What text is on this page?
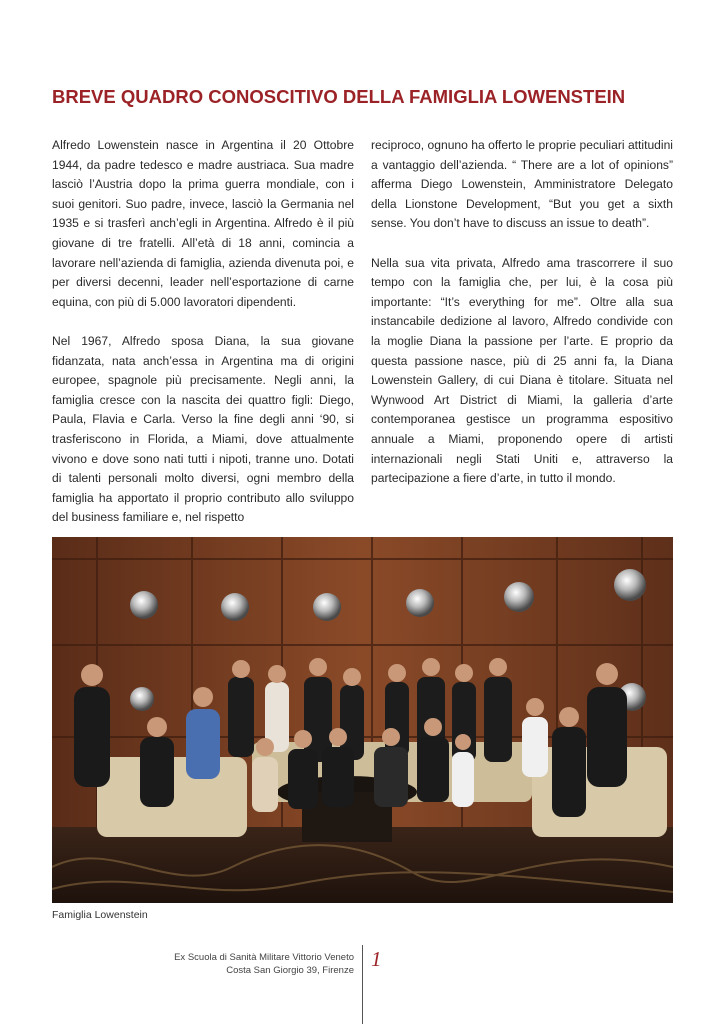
BREVE QUADRO CONOSCITIVO DELLA FAMIGLIA LOWENSTEIN

Alfredo Lowenstein nasce in Argentina il 20 Ottobre 1944, da padre tedesco e madre austriaca. Sua madre lasciò l’Austria dopo la prima guerra mondiale, con i suoi genitori. Suo padre, invece, lasciò la Germania nel 1935 e si trasferì anch’egli in Argentina. Alfredo è il più giovane di tre fratelli. All’età di 18 anni, comincia a lavorare nell’azienda di famiglia, azienda divenuta poi, e per diversi decenni, leader nell’esportazione di carne equina, con più di 5.000 lavoratori dipendenti.

Nel 1967, Alfredo sposa Diana, la sua giovane fidanzata, nata anch’essa in Argentina ma di origini europee, spagnole più precisamente. Negli anni, la famiglia cresce con la nascita dei quattro figli: Diego, Paula, Flavia e Carla. Verso la fine degli anni ‘90, si trasferiscono in Florida, a Miami, dove attualmente vivono e dove sono nati tutti i nipoti, tranne uno. Dotati di talenti personali molto diversi, ogni membro della famiglia ha apportato il proprio contributo allo sviluppo del business familiare e, nel rispetto

reciproco, ognuno ha offerto le proprie peculiari attitudini a vantaggio dell’azienda. “ There are a lot of opinions” afferma Diego Lowenstein, Amministratore Delegato della Lionstone Development, “But you get a sixth sense. You don’t have to discuss an issue to death”.

Nella sua vita privata, Alfredo ama trascorrere il suo tempo con la famiglia che, per lui, è la cosa più importante: “It’s everything for me”. Oltre alla sua instancabile dedizione al lavoro, Alfredo condivide con la moglie Diana la passione per l’arte. E proprio da questa passione nasce, più di 25 anni fa, la Diana Lowenstein Gallery, di cui Diana è titolare. Situata nel Wynwood Art District di Miami, la galleria d’arte contemporanea gestisce un programma espositivo annuale a Miami, proponendo opere di artisti internazionali negli Stati Uniti e, attraverso la partecipazione a fiere d’arte, in tutto il mondo.

Famiglia Lowenstein
Ex Scuola di Sanità Militare Vittorio Veneto
Costa San Giorgio 39, Firenze 1
